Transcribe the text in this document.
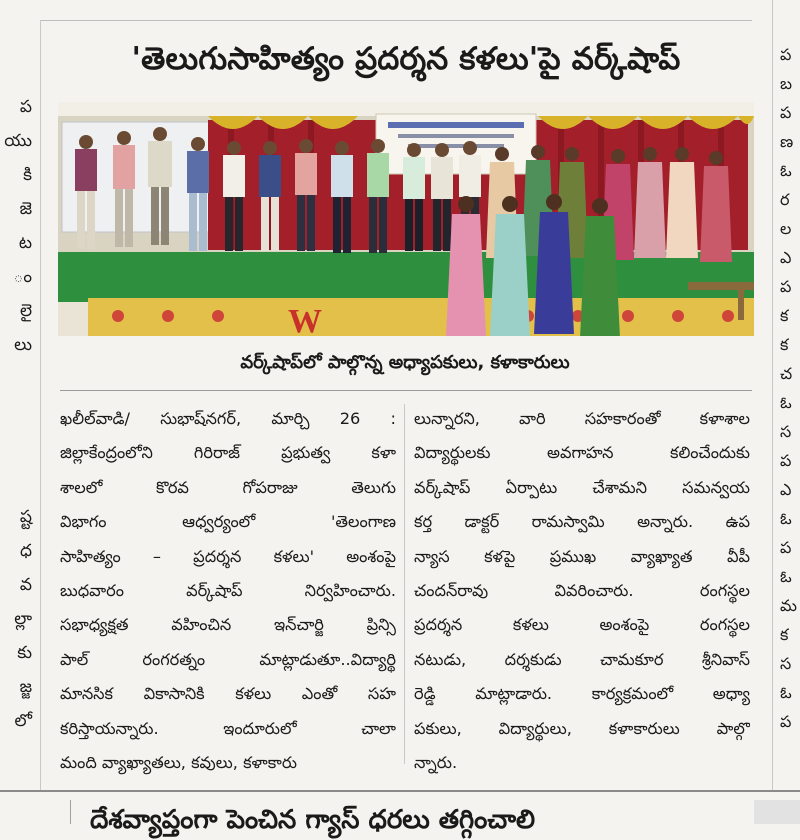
ప
యు
కి
జె
ట
ం
లై
లు
ష్ట
ధ
వ
ల్లా
కు
జ్జ
లో
ప
బ
ప
ణ
ఓ
ర
ల
ఎ
ప
క
క
చ
ఓ
స
ప
ఎ
ఓ
ప
ఓ
మ
క
స
ఓ
ప
'తెలుగుసాహిత్యం ప్రదర్శన కళలు'పై వర్క్‌షాప్
W
వర్క్‌షాప్‌లో పాల్గొన్న అధ్యాపకులు, కళాకారులు
ఖలీల్‌వాడి/ సుభాష్‌నగర్, మార్చి 26 :
జిల్లాకేంద్రంలోని గిరిరాజ్ ప్రభుత్వ కళా
శాలలో కొరవ గోపరాజు తెలుగు
విభాగం ఆధ్వర్యంలో 'తెలంగాణ
సాహిత్యం – ప్రదర్శన కళలు' అంశంపై
బుధవారం వర్క్‌షాప్ నిర్వహించారు.
సభాధ్యక్షత వహించిన ఇన్‌చార్జి ప్రిన్సి
పాల్ రంగరత్నం మాట్లాడుతూ..విద్యార్థి
మానసిక వికాసానికి కళలు ఎంతో సహ
కరిస్తాయన్నారు. ఇందూరులో చాలా
మంది వ్యాఖ్యాతలు, కవులు, కళాకారు
లున్నారని, వారి సహకారంతో కళాశాల
విద్యార్థులకు అవగాహన కలించేందుకు
వర్క్‌షాప్ ఏర్పాటు చేశామని సమన్వయ
కర్త డాక్టర్ రామస్వామి అన్నారు. ఉప
న్యాస కళపై ప్రముఖ వ్యాఖ్యాత వీపీ
చందన్‌రావు వివరించారు. రంగస్థల
ప్రదర్శన కళలు అంశంపై రంగస్థల
నటుడు, దర్శకుడు చామకూర శ్రీనివాస్
రెడ్డి మాట్లాడారు. కార్యక్రమంలో అధ్యా
పకులు, విద్యార్థులు, కళాకారులు పాల్గొ
న్నారు.
దేశవ్యాప్తంగా పెంచిన గ్యాస్ ధరలు తగ్గించాలి
